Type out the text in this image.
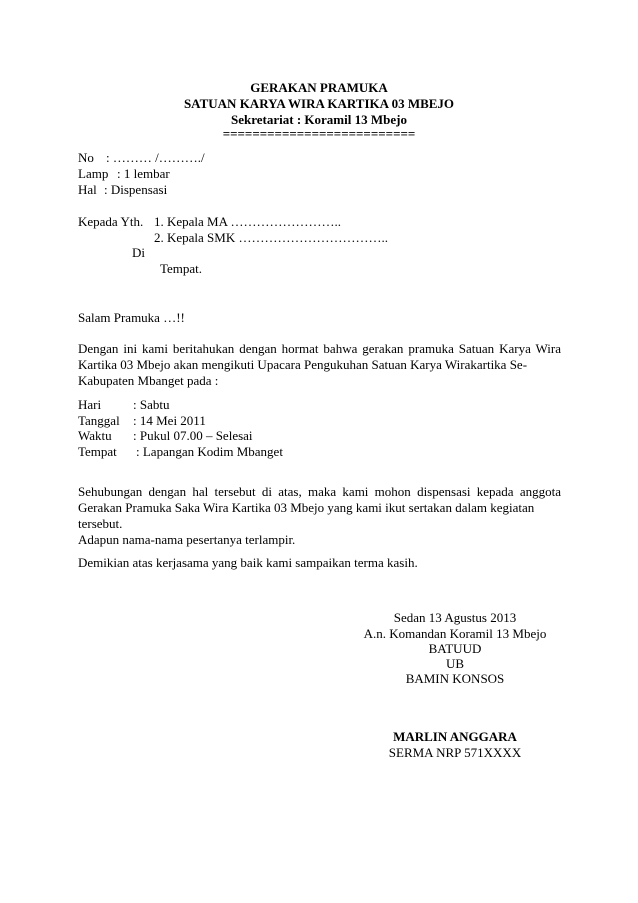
GERAKAN PRAMUKA
SATUAN KARYA WIRA KARTIKA 03 MBEJO
Sekretariat : Koramil 13 Mbejo
==========================
No : ……… /………./
Lamp : 1 lembar
Hal : Dispensasi
Kepada Yth. 1. Kepala MA ……………………..
2. Kepala SMK ……………………………..
Di
Tempat.
Salam Pramuka …!!
Dengan ini kami beritahukan dengan hormat bahwa gerakan pramuka Satuan Karya Wira Kartika 03 Mbejo akan mengikuti Upacara Pengukuhan Satuan Karya Wirakartika Se-
Kabupaten Mbanget pada :
Hari : Sabtu
Tanggal : 14 Mei 2011
Waktu : Pukul 07.00 – Selesai
Tempat : Lapangan Kodim Mbanget
Sehubungan dengan hal tersebut di atas, maka kami mohon dispensasi kepada anggota Gerakan Pramuka Saka Wira Kartika 03 Mbejo yang kami ikut sertakan dalam kegiatan
tersebut.
Adapun nama-nama pesertanya terlampir.
Demikian atas kerjasama yang baik kami sampaikan terma kasih.
Sedan 13 Agustus 2013
A.n. Komandan Koramil 13 Mbejo
BATUUD
UB
BAMIN KONSOS
MARLIN ANGGARA
SERMA NRP 571XXXX
